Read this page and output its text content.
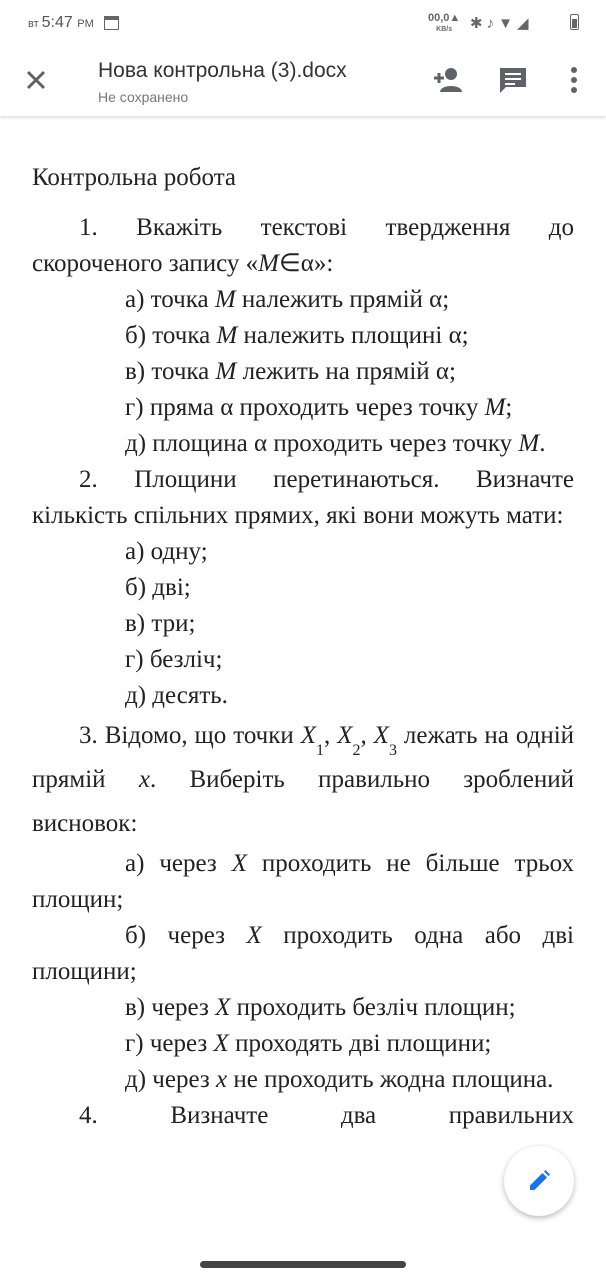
вт 5:47 PM	00,0▲
KB/s	✱♪▼◢
Нова контрольна (3).docx
Не сохранено

Контрольна робота

1. Вкажіть текстові твердження до скороченого запису «М∈α»:

а) точка М належить прямій α;

б) точка М належить площині α;

в) точка М лежить на прямій α;

г) пряма α проходить через точку М;

д) площина α проходить через точку М.

2. Площини перетинаються. Визначте кількість спільних прямих, які вони можуть мати:

а) одну;

б) дві;

в) три;

г) безліч;

д) десять.

3. Відомо, що точки $X_1$, $X_2$, $X_3$ лежать на одній прямій x. Виберіть правильно зроблений висновок:

а) через X проходить не більше трьох площин;

б) через X проходить одна або дві площини;

в) через X проходить безліч площин;

г) через X проходять дві площини;

д) через x не проходить жодна площина.

4.	Визначте два правильних
